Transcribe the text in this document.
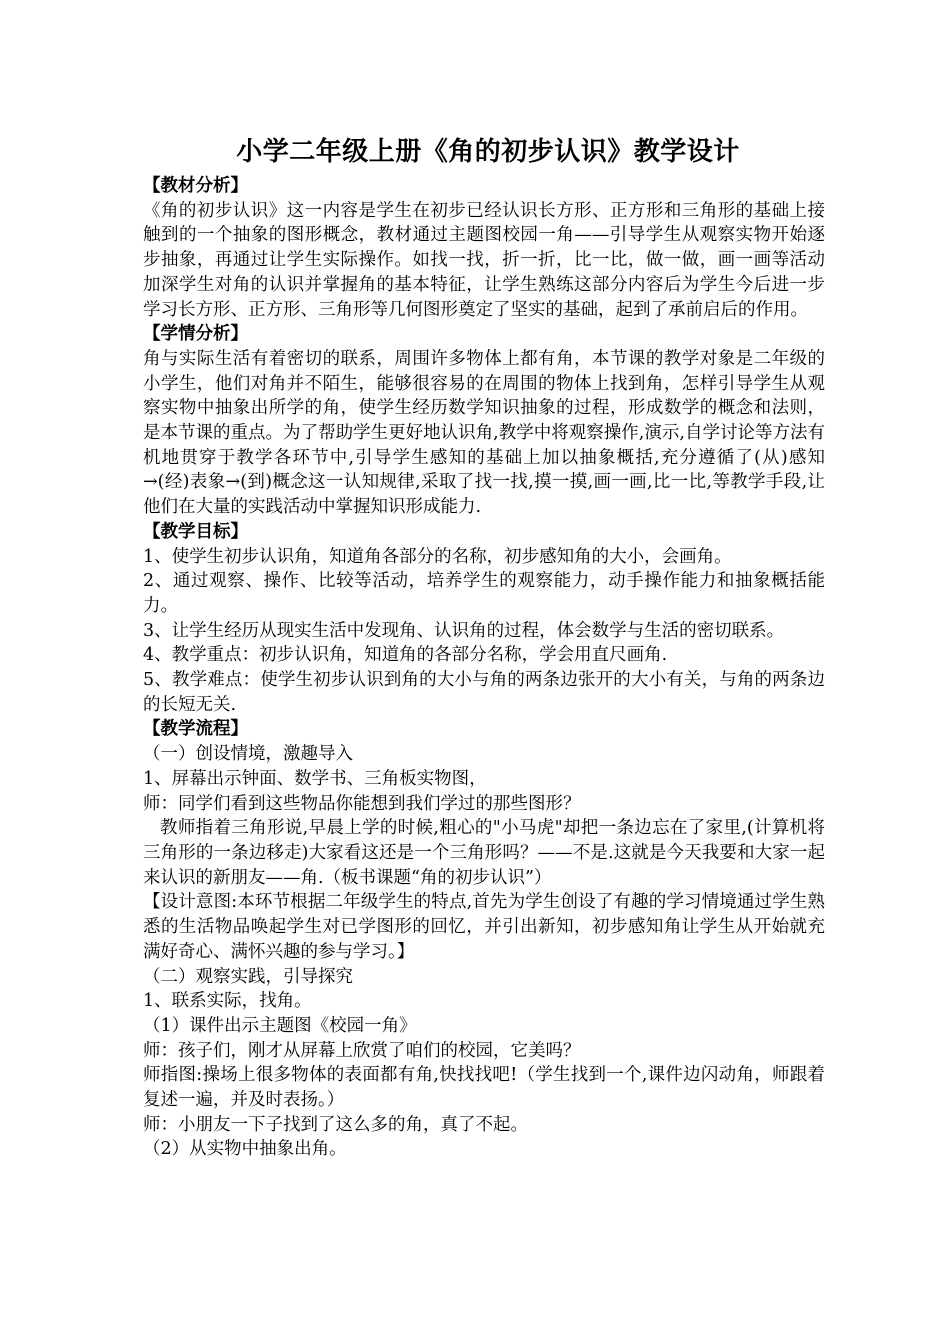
小学二年级上册《角的初步认识》教学设计
【教材分析】
《角的初步认识》这一内容是学生在初步已经认识长方形、正方形和三角形的基础上接触到的一个抽象的图形概念，教材通过主题图校园一角——引导学生从观察实物开始逐步抽象，再通过让学生实际操作。如找一找，折一折，比一比，做一做，画一画等活动加深学生对角的认识并掌握角的基本特征，让学生熟练这部分内容后为学生今后进一步学习长方形、正方形、三角形等几何图形奠定了坚实的基础，起到了承前启后的作用。
【学情分析】
角与实际生活有着密切的联系，周围许多物体上都有角，本节课的教学对象是二年级的小学生，他们对角并不陌生，能够很容易的在周围的物体上找到角，怎样引导学生从观察实物中抽象出所学的角，使学生经历数学知识抽象的过程，形成数学的概念和法则，是本节课的重点。为了帮助学生更好地认识角,教学中将观察操作,演示,自学讨论等方法有机地贯穿于教学各环节中,引导学生感知的基础上加以抽象概括,充分遵循了(从)感知→(经)表象→(到)概念这一认知规律,采取了找一找,摸一摸,画一画,比一比,等教学手段,让他们在大量的实践活动中掌握知识形成能力.
【教学目标】
1、使学生初步认识角，知道角各部分的名称，初步感知角的大小，会画角。
2、通过观察、操作、比较等活动，培养学生的观察能力，动手操作能力和抽象概括能力。
3、让学生经历从现实生活中发现角、认识角的过程，体会数学与生活的密切联系。
4、教学重点：初步认识角，知道角的各部分名称，学会用直尺画角.
5、教学难点：使学生初步认识到角的大小与角的两条边张开的大小有关，与角的两条边的长短无关.
【教学流程】
（一）创设情境，激趣导入
1、屏幕出示钟面、数学书、三角板实物图，
师：同学们看到这些物品你能想到我们学过的那些图形？
教师指着三角形说,早晨上学的时候,粗心的"小马虎"却把一条边忘在了家里,(计算机将三角形的一条边移走)大家看这还是一个三角形吗？——不是.这就是今天我要和大家一起来认识的新朋友——角.（板书课题“角的初步认识”）
【设计意图:本环节根据二年级学生的特点,首先为学生创设了有趣的学习情境通过学生熟悉的生活物品唤起学生对已学图形的回忆，并引出新知，初步感知角让学生从开始就充满好奇心、满怀兴趣的参与学习。】
（二）观察实践，引导探究
1、联系实际，找角。
（1）课件出示主题图《校园一角》
师：孩子们，刚才从屏幕上欣赏了咱们的校园，它美吗？
师指图:操场上很多物体的表面都有角,快找找吧!（学生找到一个,课件边闪动角，师跟着复述一遍，并及时表扬。）
师：小朋友一下子找到了这么多的角，真了不起。
（2）从实物中抽象出角。
